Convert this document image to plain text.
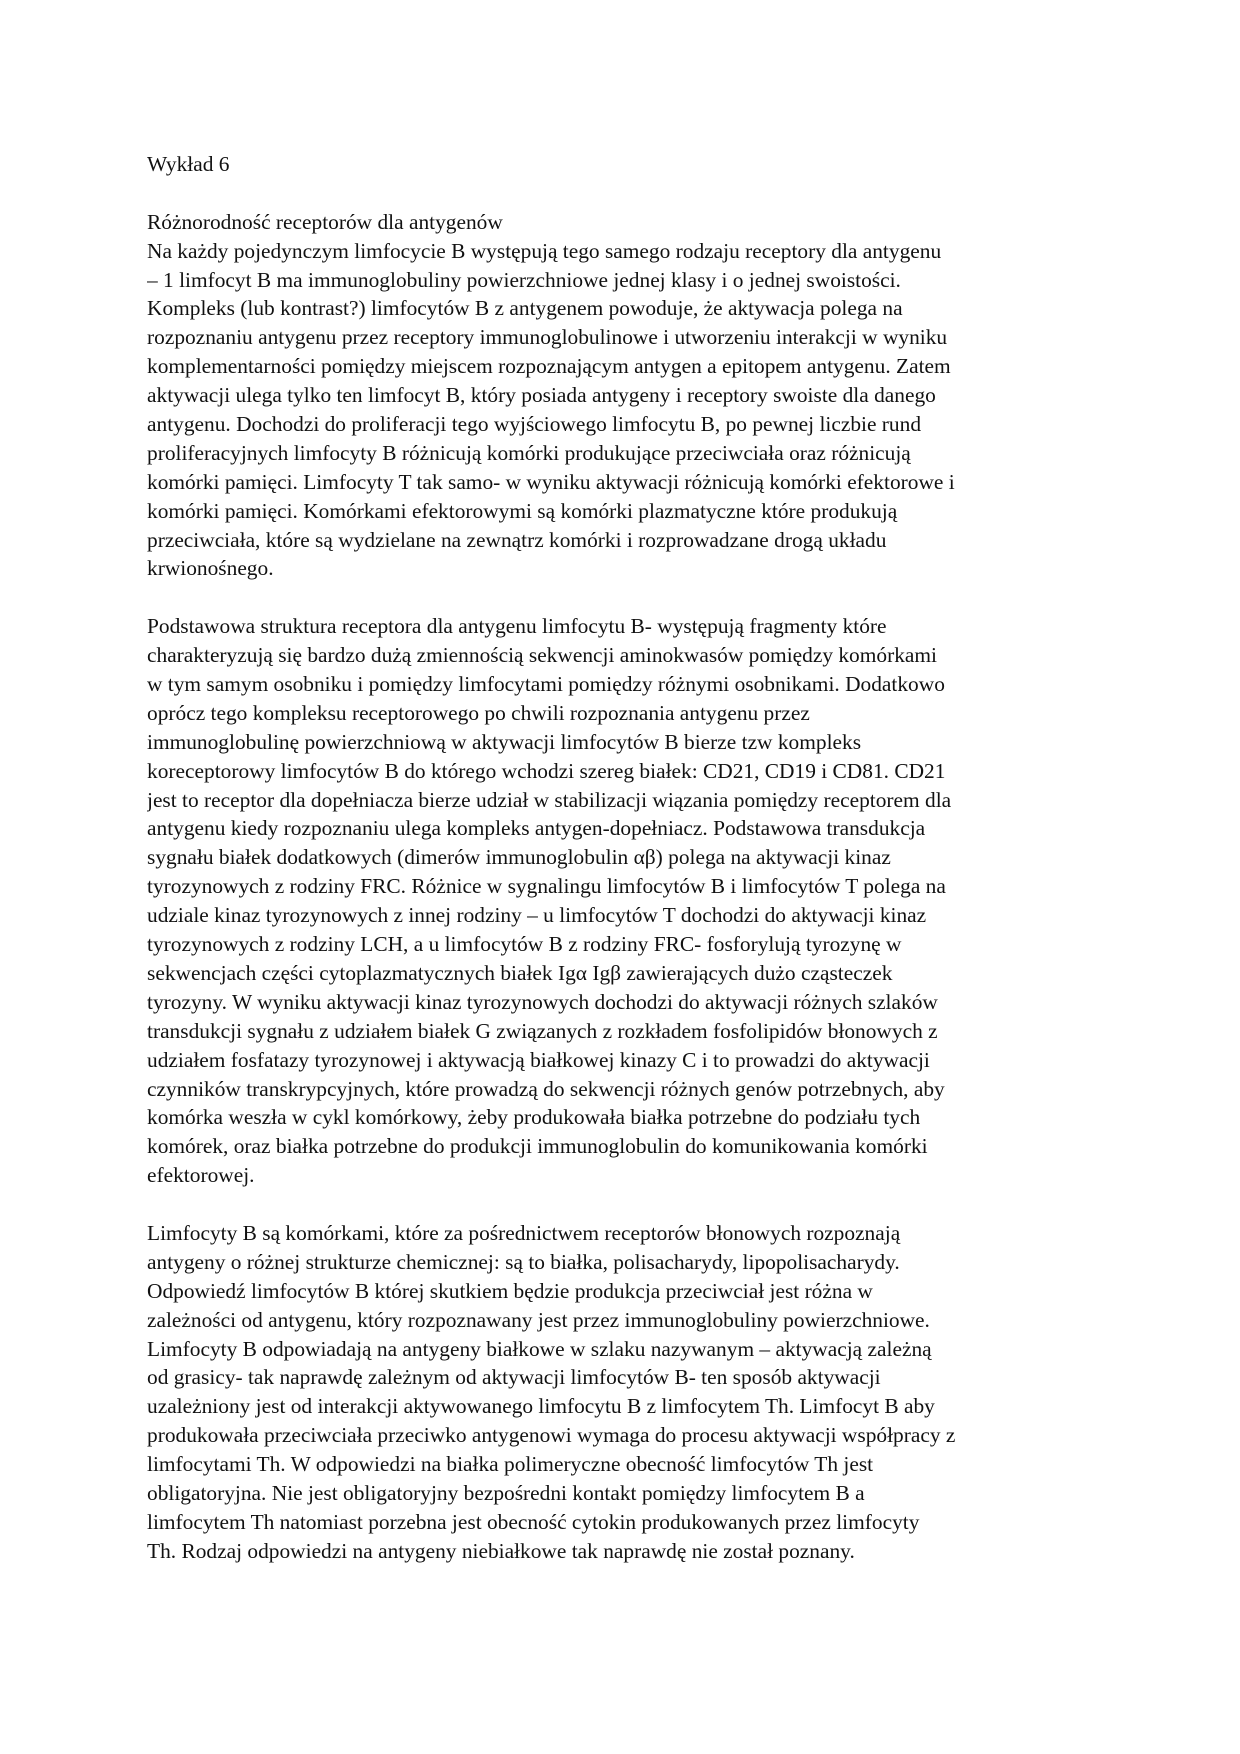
Wykład 6
Różnorodność receptorów dla antygenów
Na każdy pojedynczym limfocycie B występują tego samego rodzaju receptory dla antygenu
– 1 limfocyt B ma immunoglobuliny powierzchniowe jednej klasy i o jednej swoistości.
Kompleks (lub kontrast?) limfocytów B z antygenem powoduje, że aktywacja polega na
rozpoznaniu antygenu przez receptory immunoglobulinowe i utworzeniu interakcji w wyniku
komplementarności pomiędzy miejscem rozpoznającym antygen a epitopem antygenu. Zatem
aktywacji ulega tylko ten limfocyt B, który posiada antygeny i receptory swoiste dla danego
antygenu. Dochodzi do proliferacji tego wyjściowego limfocytu B, po pewnej liczbie rund
proliferacyjnych limfocyty B różnicują komórki produkujące przeciwciała oraz różnicują
komórki pamięci. Limfocyty T tak samo- w wyniku aktywacji różnicują komórki efektorowe i
komórki pamięci. Komórkami efektorowymi są komórki plazmatyczne które produkują
przeciwciała, które są wydzielane na zewnątrz komórki i rozprowadzane drogą układu
krwionośnego.
Podstawowa struktura receptora dla antygenu limfocytu B- występują fragmenty które
charakteryzują się bardzo dużą zmiennością sekwencji aminokwasów pomiędzy komórkami
w tym samym osobniku i pomiędzy limfocytami pomiędzy różnymi osobnikami. Dodatkowo
oprócz tego kompleksu receptorowego po chwili rozpoznania antygenu przez
immunoglobulinę powierzchniową w aktywacji limfocytów B bierze tzw kompleks
koreceptorowy limfocytów B do którego wchodzi szereg białek: CD21, CD19 i CD81. CD21
jest to receptor dla dopełniacza bierze udział w stabilizacji wiązania pomiędzy receptorem dla
antygenu kiedy rozpoznaniu ulega kompleks antygen-dopełniacz. Podstawowa transdukcja
sygnału białek dodatkowych (dimerów immunoglobulin αβ) polega na aktywacji kinaz
tyrozynowych z rodziny FRC. Różnice w sygnalingu limfocytów B i limfocytów T polega na
udziale kinaz tyrozynowych z innej rodziny – u limfocytów T dochodzi do aktywacji kinaz
tyrozynowych z rodziny LCH, a u limfocytów B z rodziny FRC- fosforylują tyrozynę w
sekwencjach części cytoplazmatycznych białek Igα Igβ zawierających dużo cząsteczek
tyrozyny. W wyniku aktywacji kinaz tyrozynowych dochodzi do aktywacji różnych szlaków
transdukcji sygnału z udziałem białek G związanych z rozkładem fosfolipidów błonowych z
udziałem fosfatazy tyrozynowej i aktywacją białkowej kinazy C i to prowadzi do aktywacji
czynników transkrypcyjnych, które prowadzą do sekwencji różnych genów potrzebnych, aby
komórka weszła w cykl komórkowy, żeby produkowała białka potrzebne do podziału tych
komórek, oraz białka potrzebne do produkcji immunoglobulin do komunikowania komórki
efektorowej.
Limfocyty B są komórkami, które za pośrednictwem receptorów błonowych rozpoznają
antygeny o różnej strukturze chemicznej: są to białka, polisacharydy, lipopolisacharydy.
Odpowiedź limfocytów B której skutkiem będzie produkcja przeciwciał jest różna w
zależności od antygenu, który rozpoznawany jest przez immunoglobuliny powierzchniowe.
Limfocyty B odpowiadają na antygeny białkowe w szlaku nazywanym – aktywacją zależną
od grasicy- tak naprawdę zależnym od aktywacji limfocytów B- ten sposób aktywacji
uzależniony jest od interakcji aktywowanego limfocytu B z limfocytem Th. Limfocyt B aby
produkowała przeciwciała przeciwko antygenowi wymaga do procesu aktywacji współpracy z
limfocytami Th. W odpowiedzi na białka polimeryczne obecność limfocytów Th jest
obligatoryjna. Nie jest obligatoryjny bezpośredni kontakt pomiędzy limfocytem B a
limfocytem Th natomiast porzebna jest obecność cytokin produkowanych przez limfocyty
Th. Rodzaj odpowiedzi na antygeny niebiałkowe tak naprawdę nie został poznany.
